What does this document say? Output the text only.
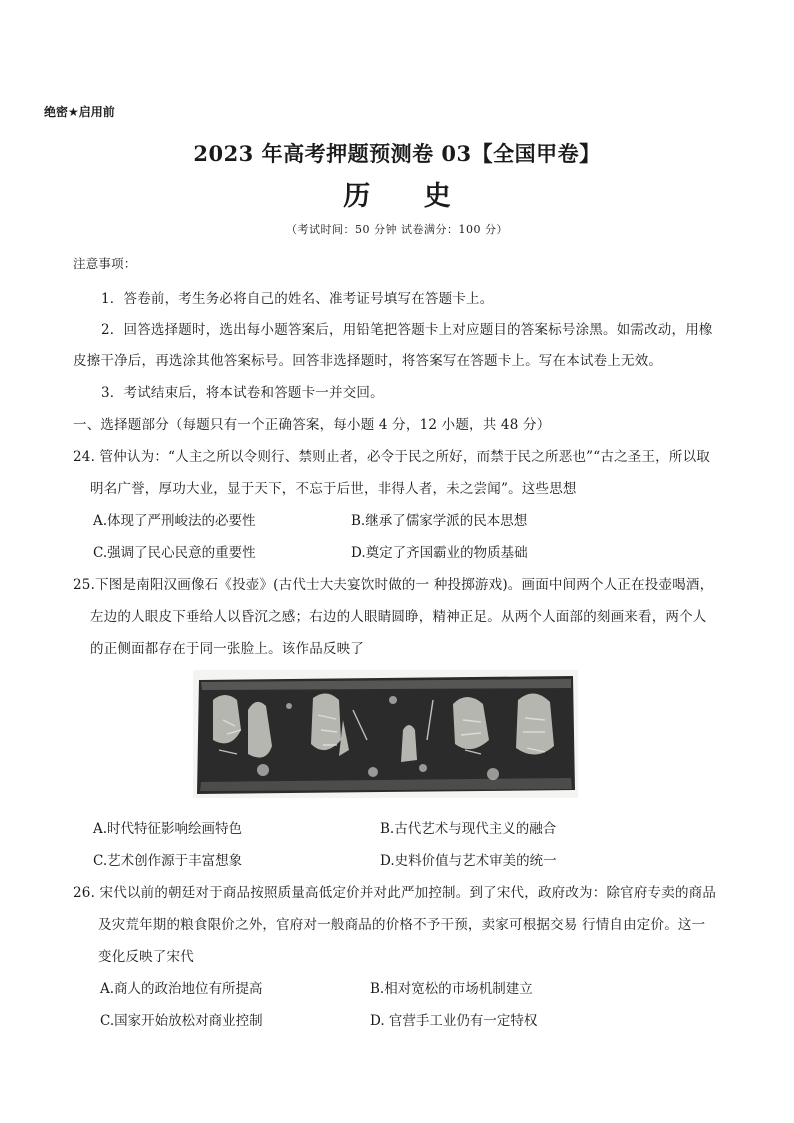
绝密★启用前
2023 年高考押题预测卷 03【全国甲卷】
历 史
（考试时间：50 分钟 试卷满分：100 分）
注意事项：
1．答卷前，考生务必将自己的姓名、准考证号填写在答题卡上。
2．回答选择题时，选出每小题答案后，用铅笔把答题卡上对应题目的答案标号涂黑。如需改动，用橡
皮擦干净后，再选涂其他答案标号。回答非选择题时，将答案写在答题卡上。写在本试卷上无效。
3．考试结束后，将本试卷和答题卡一并交回。
一、选择题部分（每题只有一个正确答案，每小题 4 分，12 小题，共 48 分）
24. 管仲认为：“人主之所以令则行、禁则止者，必令于民之所好，而禁于民之所恶也”“古之圣王，所以取
明名广誉，厚功大业，显于天下，不忘于后世，非得人者，未之尝闻”。这些思想
A.体现了严刑峻法的必要性	B.继承了儒家学派的民本思想
C.强调了民心民意的重要性	D.奠定了齐国霸业的物质基础
25.下图是南阳汉画像石《投壶》(古代士大夫宴饮时做的一 种投掷游戏)。画面中间两个人正在投壶喝酒，
左边的人眼皮下垂给人以昏沉之感；右边的人眼睛圆睁，精神正足。从两个人面部的刻画来看，两个人
的正侧面都存在于同一张脸上。该作品反映了
A.时代特征影响绘画特色	B.古代艺术与现代主义的融合
C.艺术创作源于丰富想象	D.史料价值与艺术审美的统一
26. 宋代以前的朝廷对于商品按照质量高低定价并对此严加控制。到了宋代，政府改为：除官府专卖的商品
及灾荒年期的粮食限价之外，官府对一般商品的价格不予干预，卖家可根据交易 行情自由定价。这一
变化反映了宋代
A.商人的政治地位有所提高	B.相对宽松的市场机制建立
C.国家开始放松对商业控制	D. 官营手工业仍有一定特权
